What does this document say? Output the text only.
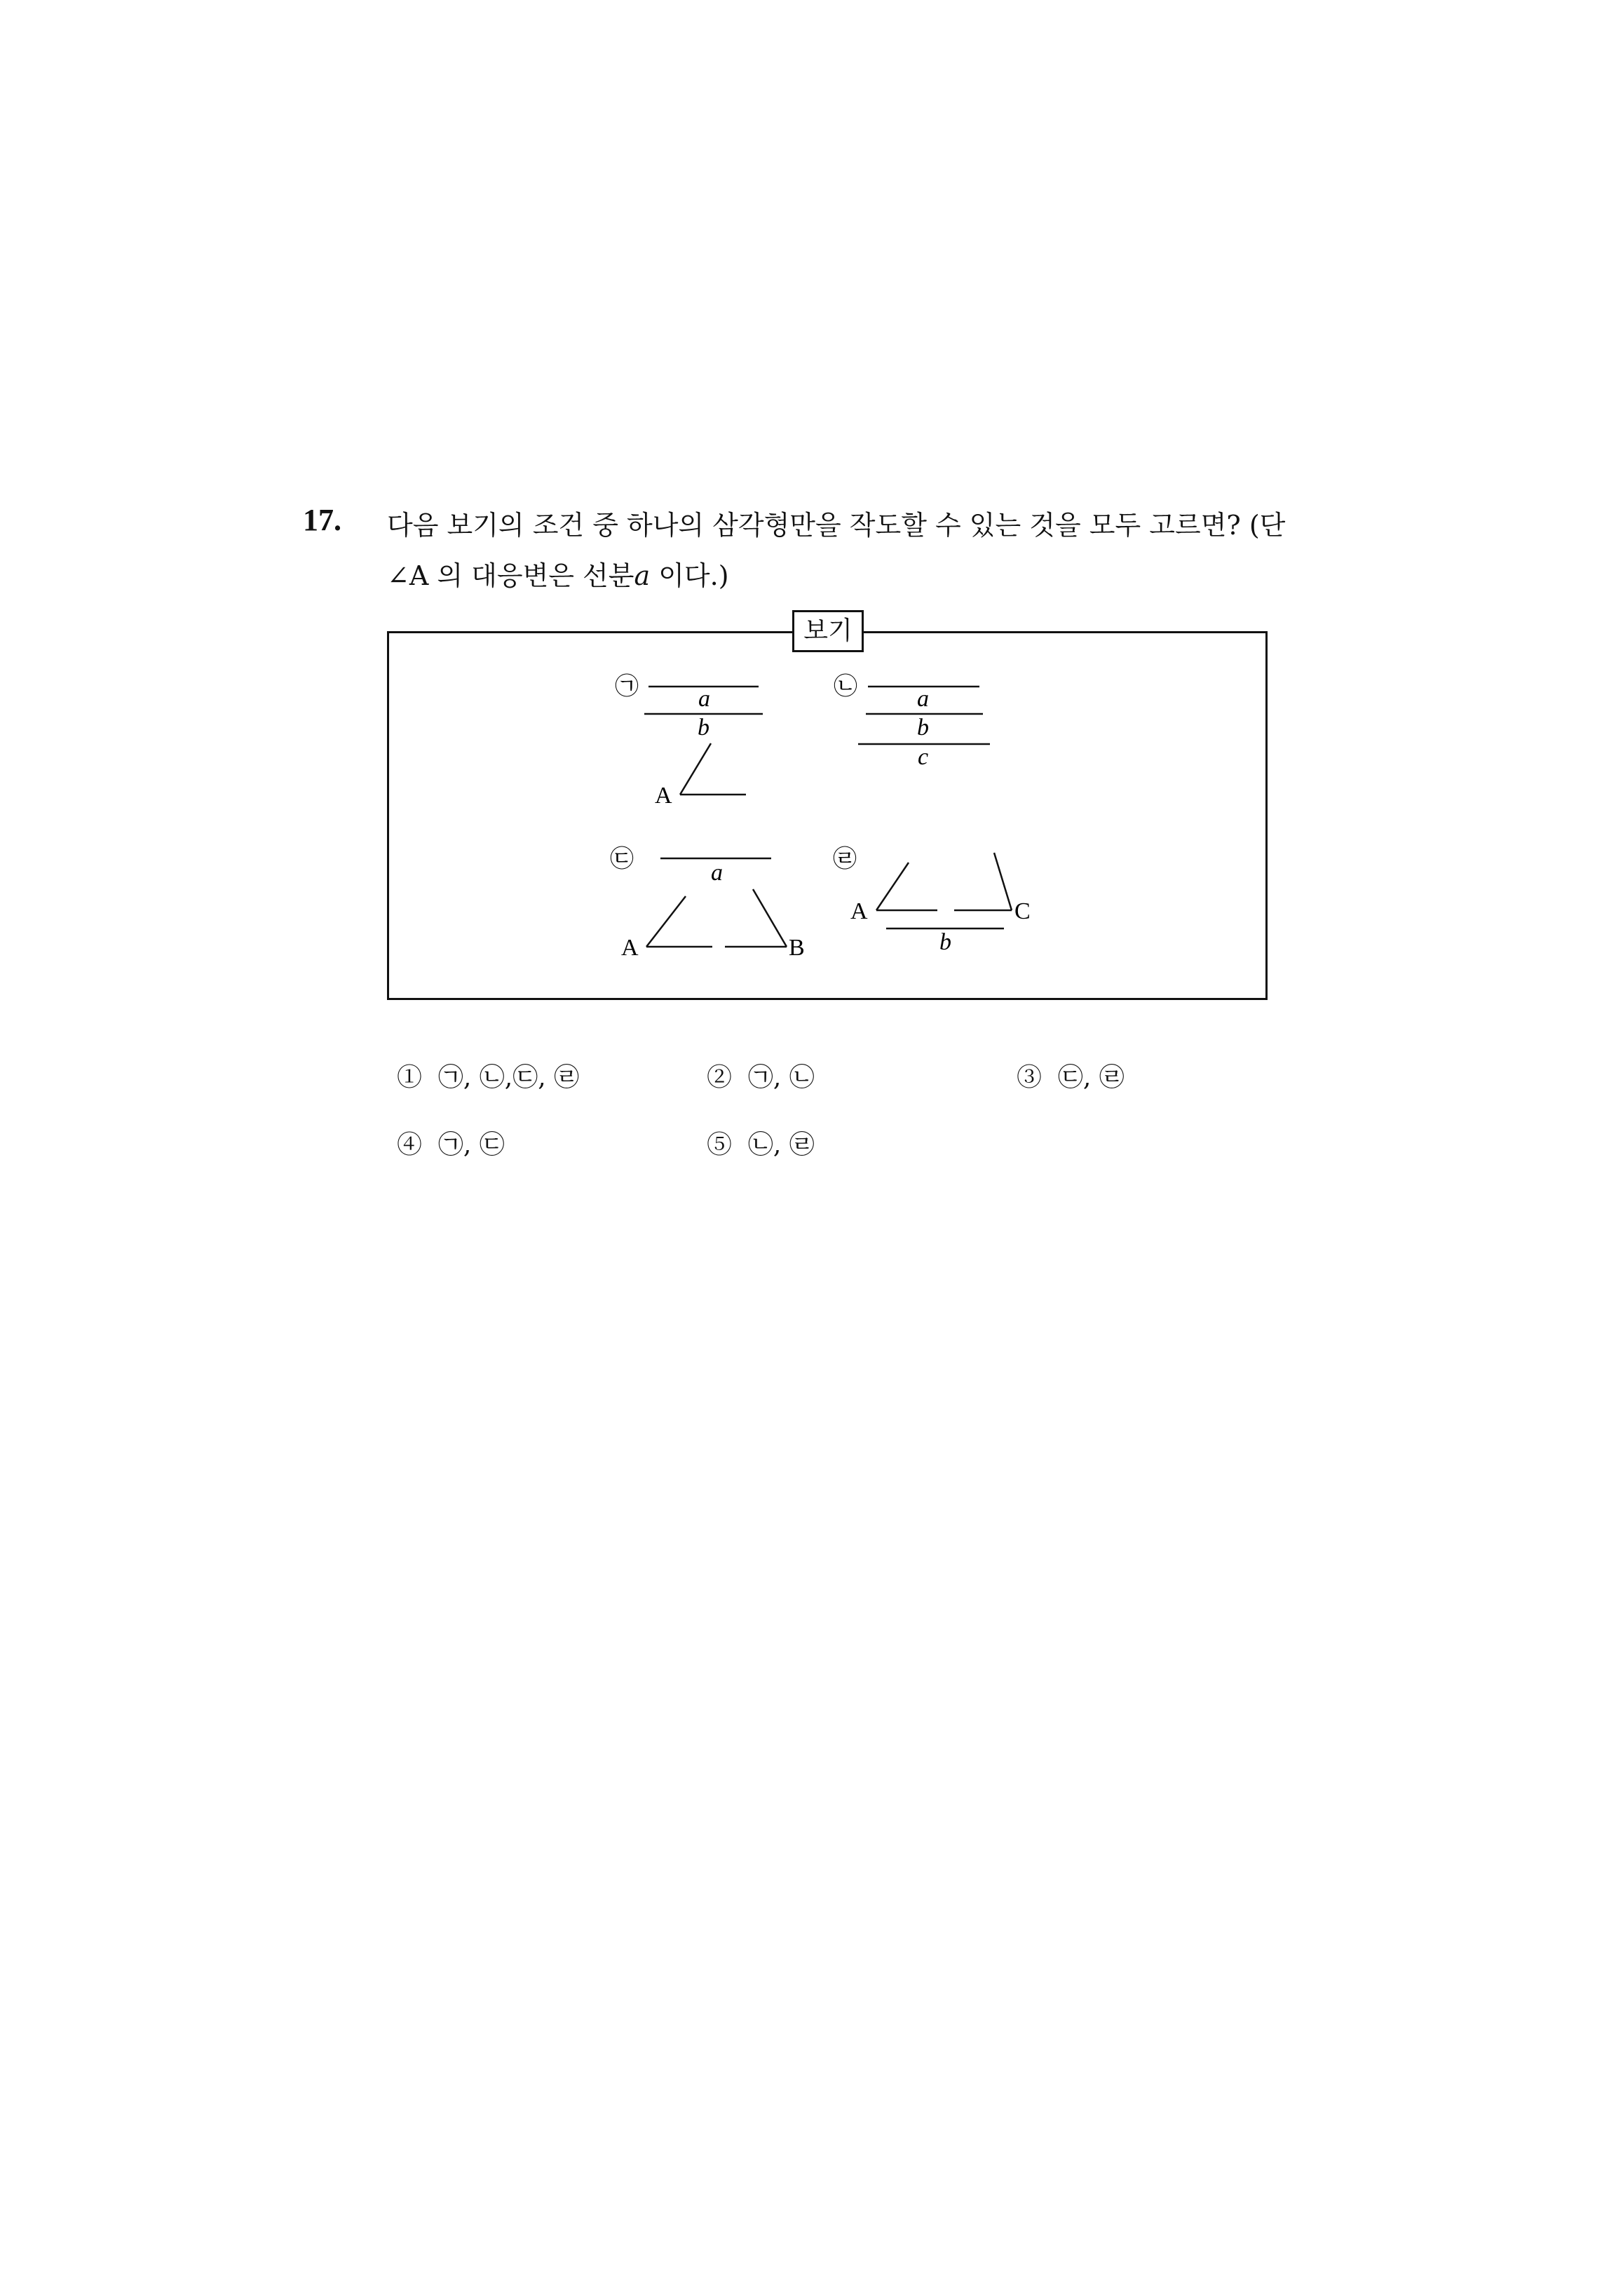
17. 다음 보기의 조건 중 하나의 삼각형만을 작도할 수 있는 것을 모두 고르면? (단
∠A 의 대응변은 선분a 이다.)
보기
㉠	a
b
A
㉡	a
b
c
㉢
a
A	B
㉣
A	C
b
① ㉠, ㉡,㉢, ㉣	② ㉠, ㉡	③ ㉢, ㉣
④ ㉠, ㉢	⑤ ㉡, ㉣
